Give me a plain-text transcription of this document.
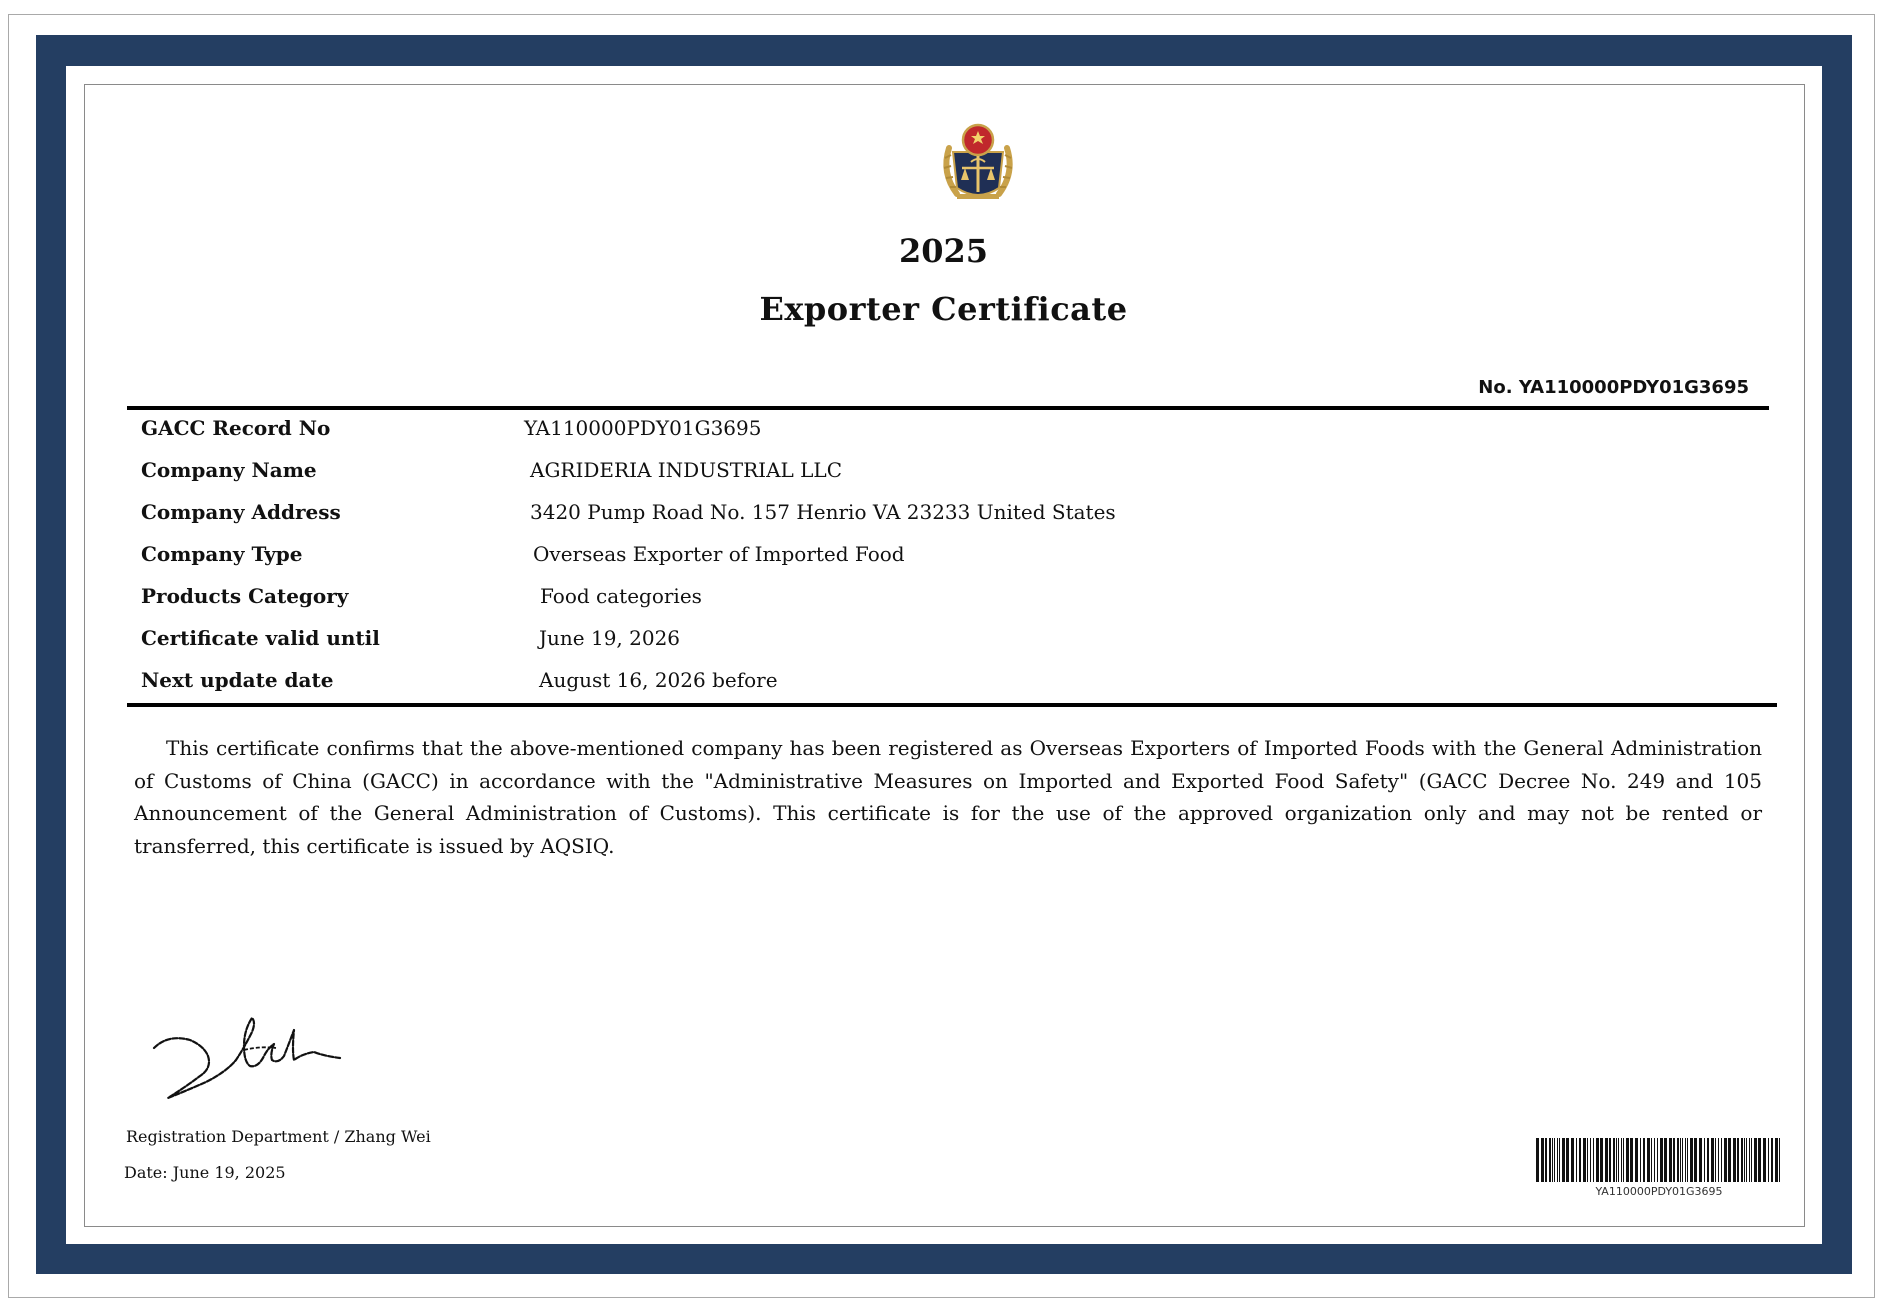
2025
Exporter Certificate
No. YA110000PDY01G3695
GACC Record No	YA110000PDY01G3695
Company Name	AGRIDERIA INDUSTRIAL LLC
Company Address	3420 Pump Road No. 157 Henrio VA 23233 United States
Company Type	Overseas Exporter of Imported Food
Products Category	Food categories
Certificate valid until	June 19, 2026
Next update date	August 16, 2026 before

This certificate confirms that the above-mentioned company has been registered as Overseas Exporters of Imported Foods with the General Administration of Customs of China (GACC) in accordance with the "Administrative Measures on Imported and Exported Food Safety" (GACC Decree No. 249 and 105 Announcement of the General Administration of Customs). This certificate is for the use of the approved organization only and may not be rented or transferred, this certificate is issued by AQSIQ.

Registration Department / Zhang Wei
Date: June 19, 2025
YA110000PDY01G3695
